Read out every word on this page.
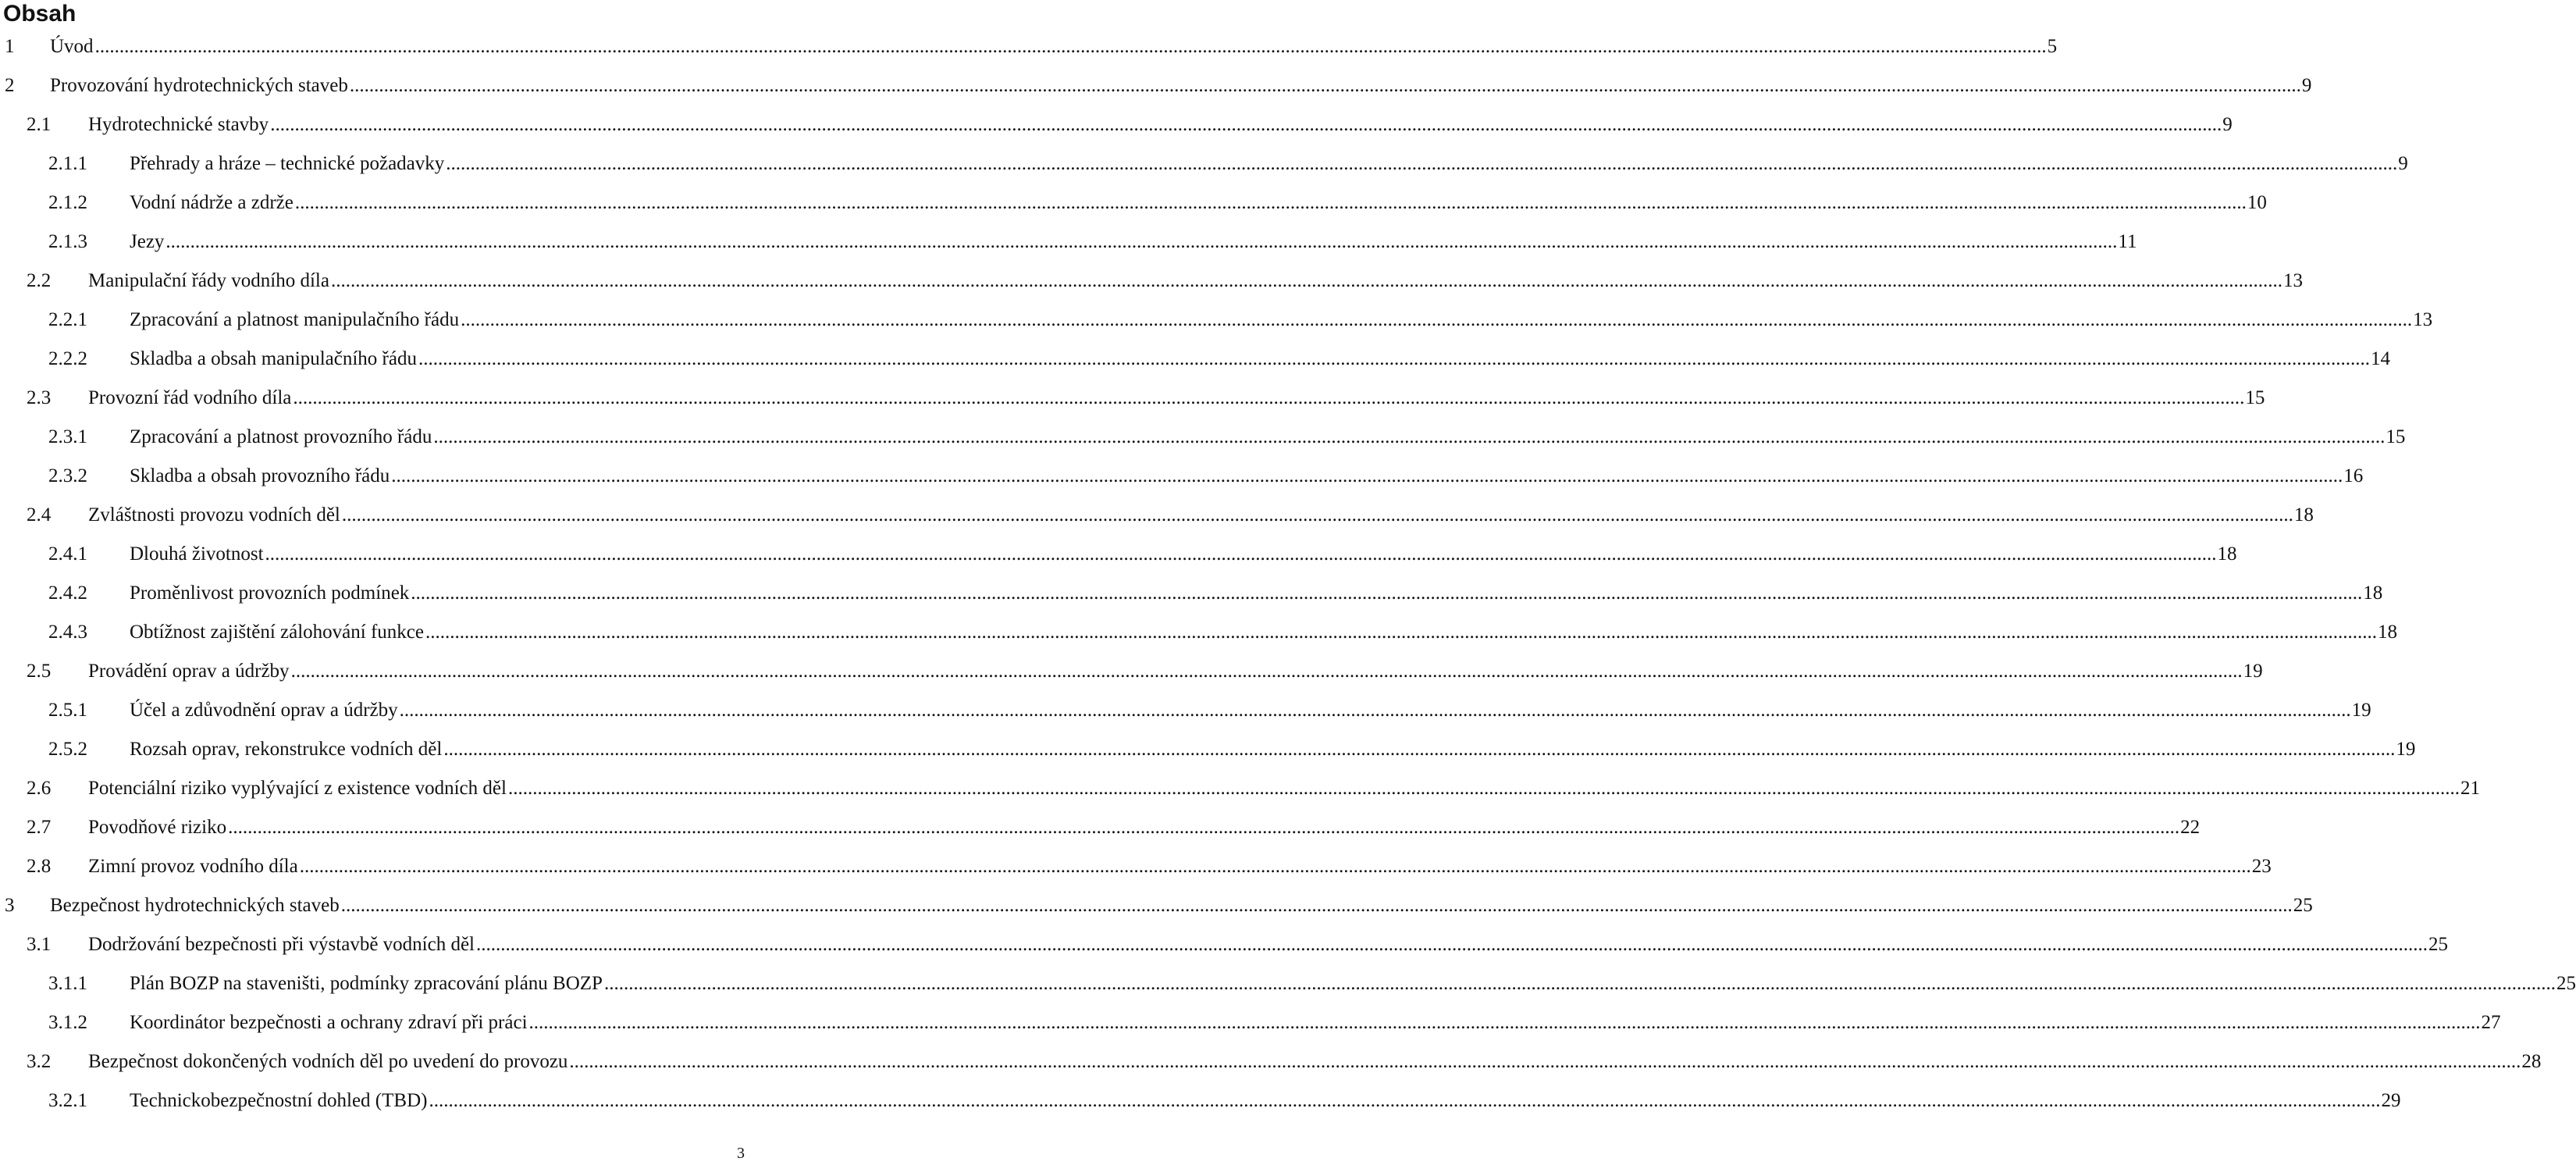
Obsah
1	Úvod ................................................................................................................................................................................................................................................................................................................................................................................................................ 5
2	Provozování hydrotechnických staveb ................................................................................................................................................................................................................................................................................................................................................................................................................ 9
2.1	Hydrotechnické stavby ................................................................................................................................................................................................................................................................................................................................................................................................................ 9
2.1.1	Přehrady a hráze – technické požadavky ................................................................................................................................................................................................................................................................................................................................................................................................................ 9
2.1.2	Vodní nádrže a zdrže ................................................................................................................................................................................................................................................................................................................................................................................................................ 10
2.1.3	Jezy ................................................................................................................................................................................................................................................................................................................................................................................................................ 11
2.2	Manipulační řády vodního díla ................................................................................................................................................................................................................................................................................................................................................................................................................ 13
2.2.1	Zpracování a platnost manipulačního řádu ................................................................................................................................................................................................................................................................................................................................................................................................................ 13
2.2.2	Skladba a obsah manipulačního řádu ................................................................................................................................................................................................................................................................................................................................................................................................................ 14
2.3	Provozní řád vodního díla ................................................................................................................................................................................................................................................................................................................................................................................................................ 15
2.3.1	Zpracování a platnost provozního řádu ................................................................................................................................................................................................................................................................................................................................................................................................................ 15
2.3.2	Skladba a obsah provozního řádu ................................................................................................................................................................................................................................................................................................................................................................................................................ 16
2.4	Zvláštnosti provozu vodních děl ................................................................................................................................................................................................................................................................................................................................................................................................................ 18
2.4.1	Dlouhá životnost ................................................................................................................................................................................................................................................................................................................................................................................................................ 18
2.4.2	Proměnlivost provozních podmínek ................................................................................................................................................................................................................................................................................................................................................................................................................ 18
2.4.3	Obtížnost zajištění zálohování funkce ................................................................................................................................................................................................................................................................................................................................................................................................................ 18
2.5	Provádění oprav a údržby ................................................................................................................................................................................................................................................................................................................................................................................................................ 19
2.5.1	Účel a zdůvodnění oprav a údržby ................................................................................................................................................................................................................................................................................................................................................................................................................ 19
2.5.2	Rozsah oprav, rekonstrukce vodních děl ................................................................................................................................................................................................................................................................................................................................................................................................................ 19
2.6	Potenciální riziko vyplývající z existence vodních děl ................................................................................................................................................................................................................................................................................................................................................................................................................ 21
2.7	Povodňové riziko ................................................................................................................................................................................................................................................................................................................................................................................................................ 22
2.8	Zimní provoz vodního díla ................................................................................................................................................................................................................................................................................................................................................................................................................ 23
3	Bezpečnost hydrotechnických staveb ................................................................................................................................................................................................................................................................................................................................................................................................................ 25
3.1	Dodržování bezpečnosti při výstavbě vodních děl ................................................................................................................................................................................................................................................................................................................................................................................................................ 25
3.1.1	Plán BOZP na staveništi, podmínky zpracování plánu BOZP ................................................................................................................................................................................................................................................................................................................................................................................................................ 25
3.1.2	Koordinátor bezpečnosti a ochrany zdraví při práci ................................................................................................................................................................................................................................................................................................................................................................................................................ 27
3.2	Bezpečnost dokončených vodních děl po uvedení do provozu ................................................................................................................................................................................................................................................................................................................................................................................................................ 28
3.2.1	Technickobezpečnostní dohled (TBD) ................................................................................................................................................................................................................................................................................................................................................................................................................ 29
3
